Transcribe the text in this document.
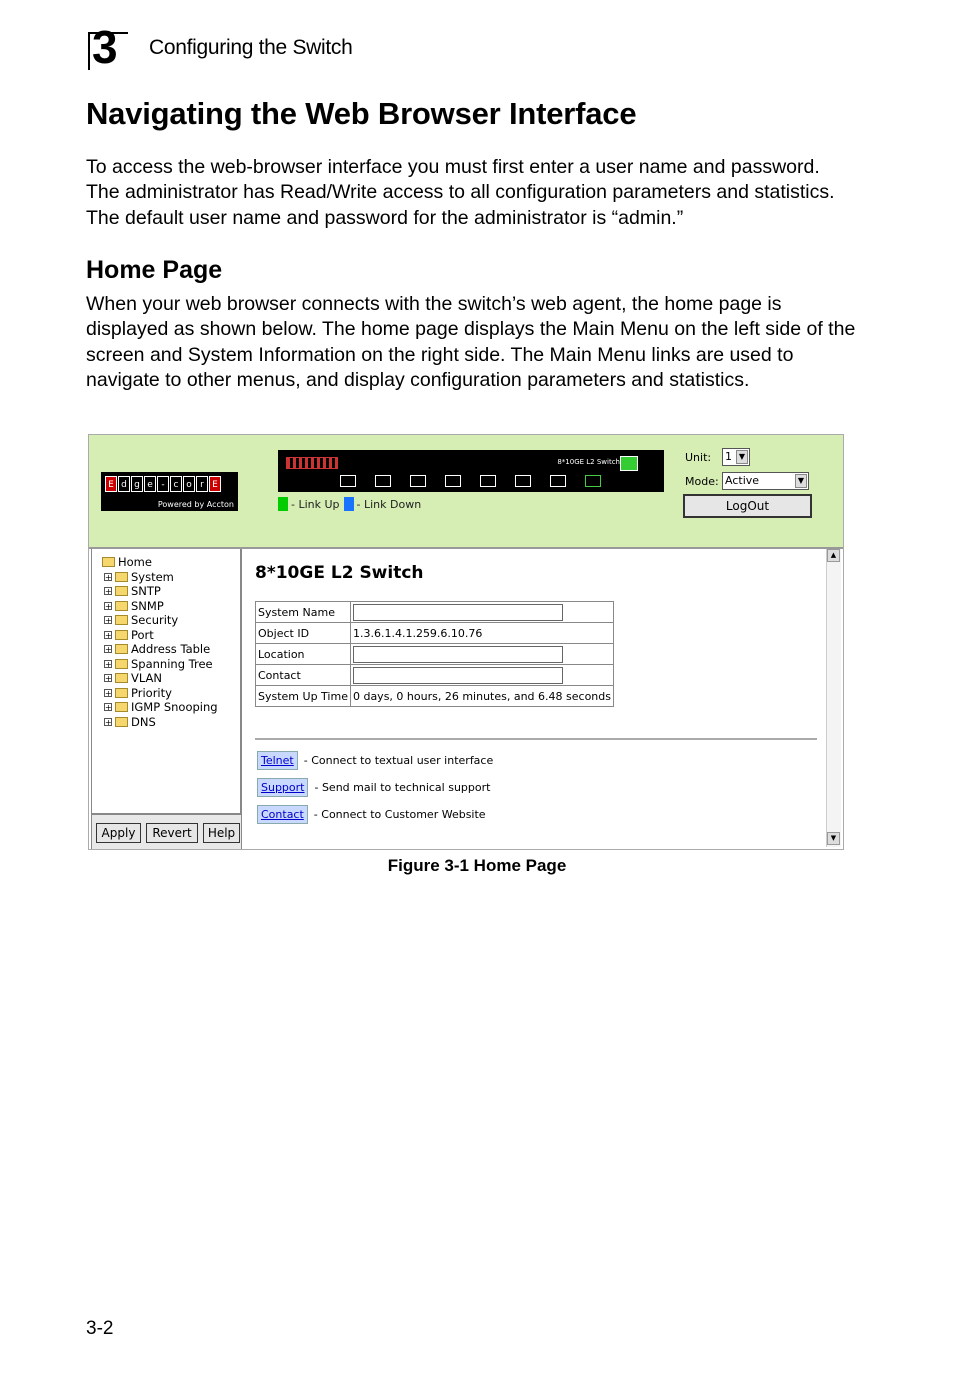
3 Configuring the Switch
Navigating the Web Browser Interface

To access the web-browser interface you must first enter a user name and password. The administrator has Read/Write access to all configuration parameters and statistics. The default user name and password for the administrator is “admin.”

Home Page

When your web browser connects with the switch’s web agent, the home page is displayed as shown below. The home page displays the Main Menu on the left side of the screen and System Information on the right side. The Main Menu links are used to navigate to other menus, and display configuration parameters and statistics.

E d g e - c o r E
Powered by Accton
8*10GE L2 Switch
- Link Up - Link Down
Unit: 1 ▼
Mode: Active	▼
LogOut
Home
+ System
+ SNTP
+ SNMP
+ Security
+ Port
+ Address Table
+ Spanning Tree
+ VLAN
+ Priority
+ IGMP Snooping
+ DNS
Apply	Revert	Help
8*10GE L2 Switch
System Name	
Object ID	1.3.6.1.4.1.259.6.10.76
Location	
Contact	
System Up Time	0 days, 0 hours, 26 minutes, and 6.48 seconds
Telnet - Connect to textual user interface
Support - Send mail to technical support
Contact - Connect to Customer Website
▲
▼
Figure 3-1 Home Page
3-2
